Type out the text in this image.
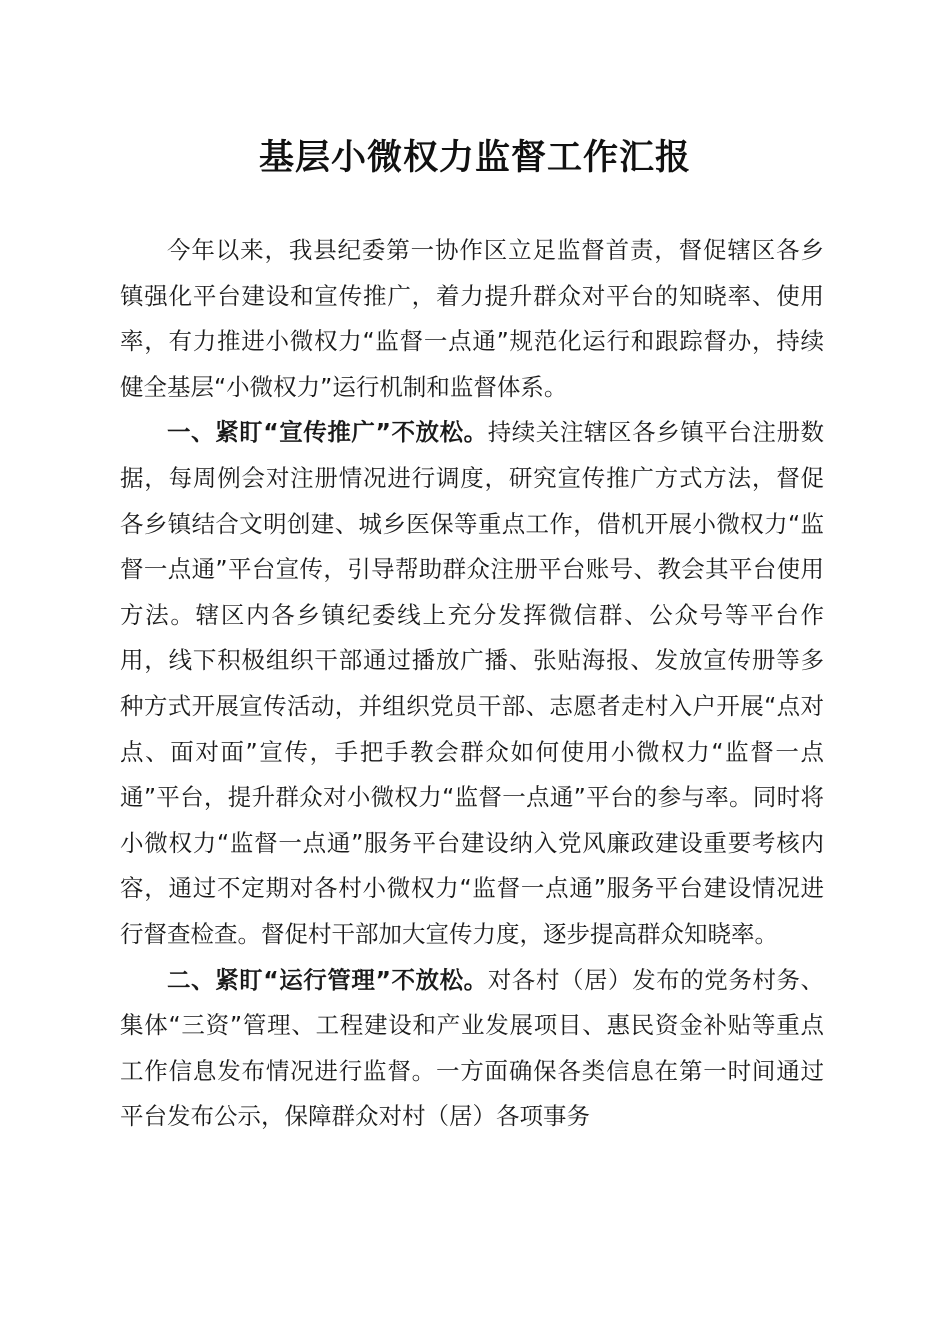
基层小微权力监督工作汇报

今年以来，我县纪委第一协作区立足监督首责，督促辖区各乡镇强化平台建设和宣传推广，着力提升群众对平台的知晓率、使用率，有力推进小微权力“监督一点通”规范化运行和跟踪督办，持续健全基层“小微权力”运行机制和监督体系。

一、紧盯“宣传推广”不放松。持续关注辖区各乡镇平台注册数据，每周例会对注册情况进行调度，研究宣传推广方式方法，督促各乡镇结合文明创建、城乡医保等重点工作，借机开展小微权力“监督一点通”平台宣传，引导帮助群众注册平台账号、教会其平台使用方法。辖区内各乡镇纪委线上充分发挥微信群、公众号等平台作用，线下积极组织干部通过播放广播、张贴海报、发放宣传册等多种方式开展宣传活动，并组织党员干部、志愿者走村入户开展“点对点、面对面”宣传，手把手教会群众如何使用小微权力“监督一点通”平台，提升群众对小微权力“监督一点通”平台的参与率。同时将小微权力“监督一点通”服务平台建设纳入党风廉政建设重要考核内容，通过不定期对各村小微权力“监督一点通”服务平台建设情况进行督查检查。督促村干部加大宣传力度，逐步提高群众知晓率。

二、紧盯“运行管理”不放松。对各村（居）发布的党务村务、集体“三资”管理、工程建设和产业发展项目、惠民资金补贴等重点工作信息发布情况进行监督。一方面确保各类信息在第一时间通过平台发布公示，保障群众对村（居）各项事务
